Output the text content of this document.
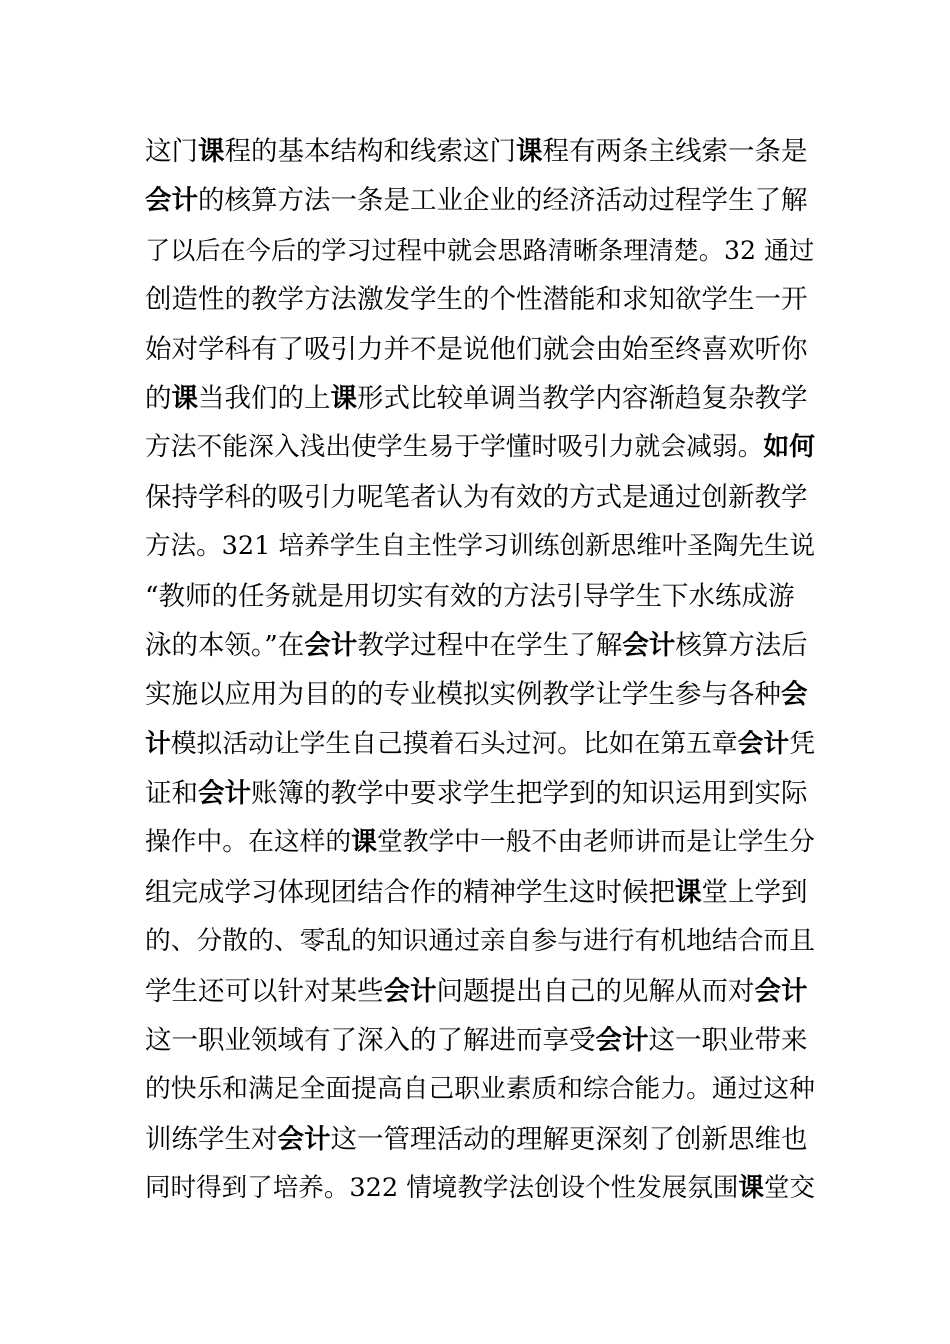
这门课程的基本结构和线索这门课程有两条主线索一条是
会计的核算方法一条是工业企业的经济活动过程学生了解
了以后在今后的学习过程中就会思路清晰条理清楚。32 通过
创造性的教学方法激发学生的个性潜能和求知欲学生一开
始对学科有了吸引力并不是说他们就会由始至终喜欢听你
的课当我们的上课形式比较单调当教学内容渐趋复杂教学
方法不能深入浅出使学生易于学懂时吸引力就会减弱。如何
保持学科的吸引力呢笔者认为有效的方式是通过创新教学
方法。321 培养学生自主性学习训练创新思维叶圣陶先生说
“教师的任务就是用切实有效的方法引导学生下水练成游
泳的本领。”在会计教学过程中在学生了解会计核算方法后
实施以应用为目的的专业模拟实例教学让学生参与各种会
计模拟活动让学生自己摸着石头过河。比如在第五章会计凭
证和会计账簿的教学中要求学生把学到的知识运用到实际
操作中。在这样的课堂教学中一般不由老师讲而是让学生分
组完成学习体现团结合作的精神学生这时候把课堂上学到
的、分散的、零乱的知识通过亲自参与进行有机地结合而且
学生还可以针对某些会计问题提出自己的见解从而对会计
这一职业领域有了深入的了解进而享受会计这一职业带来
的快乐和满足全面提高自己职业素质和综合能力。通过这种
训练学生对会计这一管理活动的理解更深刻了创新思维也
同时得到了培养。322 情境教学法创设个性发展氛围课堂交
